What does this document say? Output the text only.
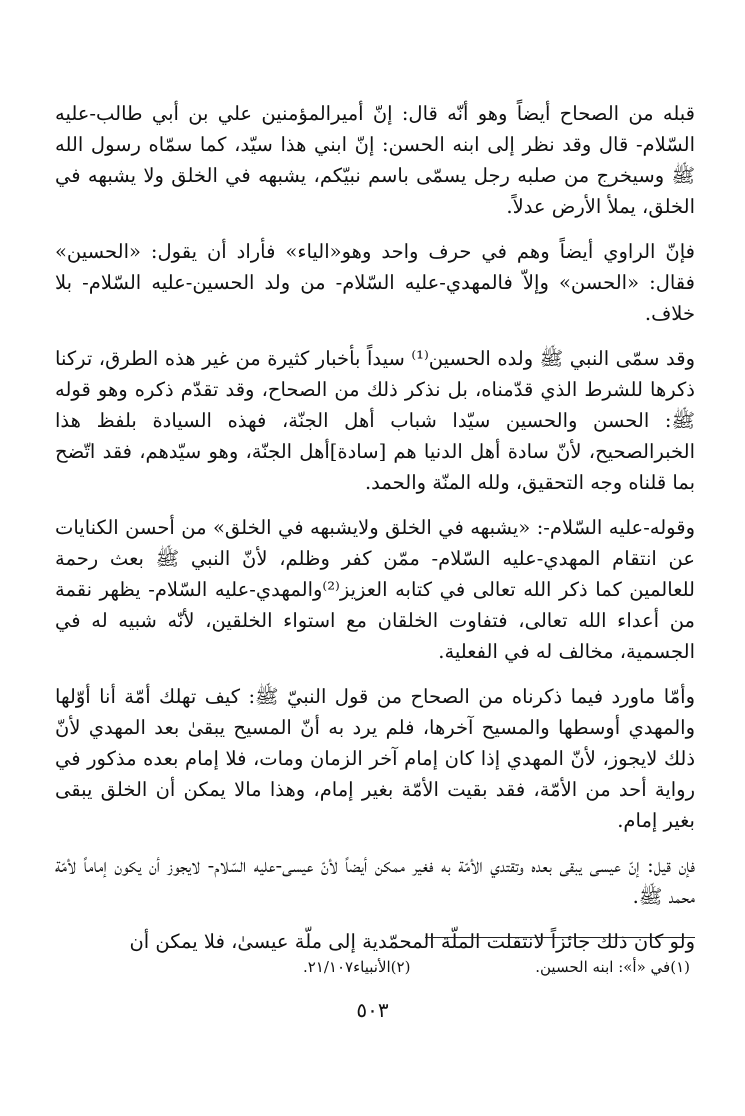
قبله من الصحاح أيضاً وهو أنّه قال: إنّ أميرالمؤمنين علي بن أبي طالب-عليه السّلام- قال وقد نظر إلى ابنه الحسن: إنّ ابني هذا سيّد، كما سمّاه رسول الله ﷺ وسيخرج من صلبه رجل يسمّى باسم نبيّكم، يشبهه في الخلق ولا يشبهه في الخلق، يملأ الأرض عدلاً.

فإنّ الراوي أيضاً وهم في حرف واحد وهو«الياء» فأراد أن يقول: «الحسين» فقال: «الحسن» وإلاّ فالمهدي-عليه السّلام- من ولد الحسين-عليه السّلام- بلا خلاف.

وقد سمّى النبي ﷺ ولده الحسين⁽¹⁾ سيداً بأخبار كثيرة من غير هذه الطرق، تركنا ذكرها للشرط الذي قدّمناه، بل نذكر ذلك من الصحاح، وقد تقدّم ذكره وهو قوله ﷺ: الحسن والحسين سيّدا شباب أهل الجنّة، فهذه السيادة بلفظ هذا الخبرالصحيح، لأنّ سادة أهل الدنيا هم [سادة]أهل الجنّة، وهو سيّدهم، فقد اتّضح بما قلناه وجه التحقيق، ولله المنّة والحمد.

وقوله-عليه السّلام-: «يشبهه في الخلق ولايشبهه في الخلق» من أحسن الكنايات عن انتقام المهدي-عليه السّلام- ممّن كفر وظلم، لأنّ النبي ﷺ بعث رحمة للعالمين كما ذكر الله تعالى في كتابه العزيز⁽²⁾والمهدي-عليه السّلام- يظهر نقمة من أعداء الله تعالى، فتفاوت الخلقان مع استواء الخلقين، لأنّه شبيه له في الجسمية، مخالف له في الفعلية.

وأمّا ماورد فيما ذكرناه من الصحاح من قول النبيّ ﷺ: كيف تهلك أمّة أنا أوّلها والمهدي أوسطها والمسيح آخرها، فلم يرد به أنّ المسيح يبقىٰ بعد المهدي لأنّ ذلك لايجوز، لأنّ المهدي إذا كان إمام آخر الزمان ومات، فلا إمام بعده مذكور في رواية أحد من الأمّة، فقد بقيت الأمّة بغير إمام، وهذا مالا يمكن أن الخلق يبقى بغير إمام.

فإن قيل: إنّ عيسى يبقى بعده وتقتدي الأمّة به فغير ممكن أيضاً لأنّ عيسى-عليه السّلام- لايجوز أن يكون إماماً لأمّة محمد ﷺ.

ولو كان ذلك جائزاً لانتقلت الملّة المحمّدية إلى ملّة عيسىٰ، فلا يمكن أن

(١)في «أ»: ابنه الحسين. (٢)الأنبياء٢١/١٠٧.
٥٠٣
